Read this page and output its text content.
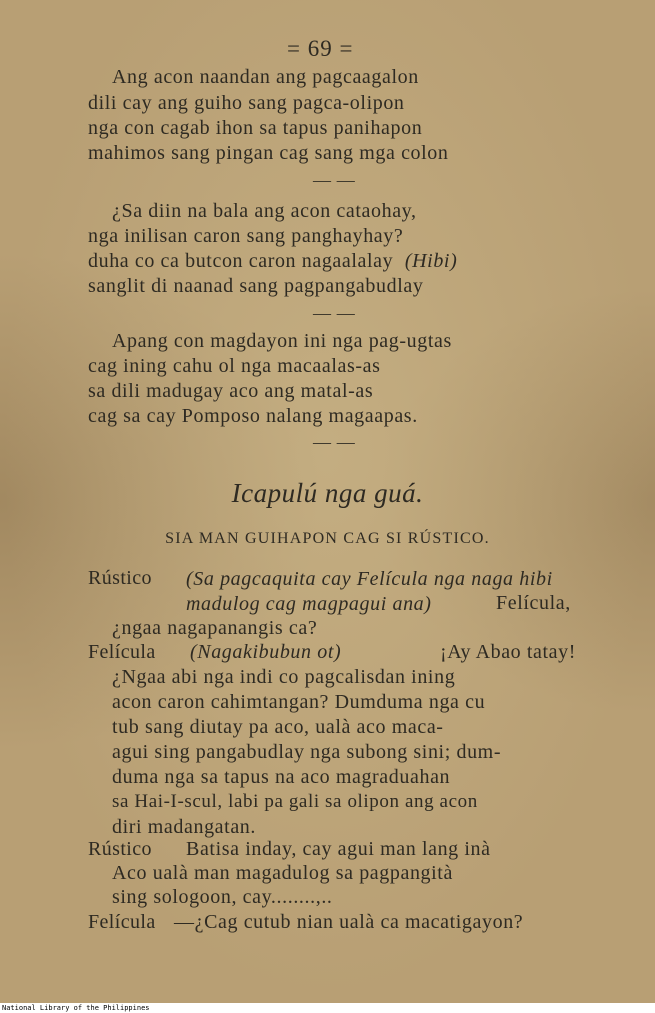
= 69 =
Ang acon naandan ang pagcaagalon
dili cay ang guiho sang pagca-olipon
nga con cagab ihon sa tapus panihapon
mahimos sang pingan cag sang mga colon
— —
¿Sa diin na bala ang acon cataohay,
nga inilisan caron sang panghayhay?
duha co ca butcon caron nagaalalay (Hibi)
sanglit di naanad sang pagpangabudlay
— —
Apang con magdayon ini nga pag-ugtas
cag ining cahu ol nga macaalas-as
sa dili madugay aco ang matal-as
cag sa cay Pomposo nalang magaapas.
— —
Icapulú nga guá.
SIA MAN GUIHAPON CAG SI RÚSTICO.
Rústico (Sa pagcaquita cay Felícula nga naga hibi madulog cag magpagui ana)	Felícula,
¿ngaa nagapanangis ca?
Felícula (Nagakibubun ot)	¡Ay Abao tatay!
¿Ngaa abi nga indi co pagcalisdan ining
acon caron cahimtangan? Dumduma nga cu
tub sang diutay pa aco, ualà aco maca-
agui sing pangabudlay nga subong sini; dum-
duma nga sa tapus na aco magraduahan
sa Hai-I-scul, labi pa gali sa olipon ang acon
diri madangatan.
Rústico Batisa inday, cay agui man lang inà
Aco ualà man magadulog sa pagpangità
sing sologoon, cay........,..
Felícula —¿Cag cutub nian ualà ca macatigayon?
National Library of the Philippines
